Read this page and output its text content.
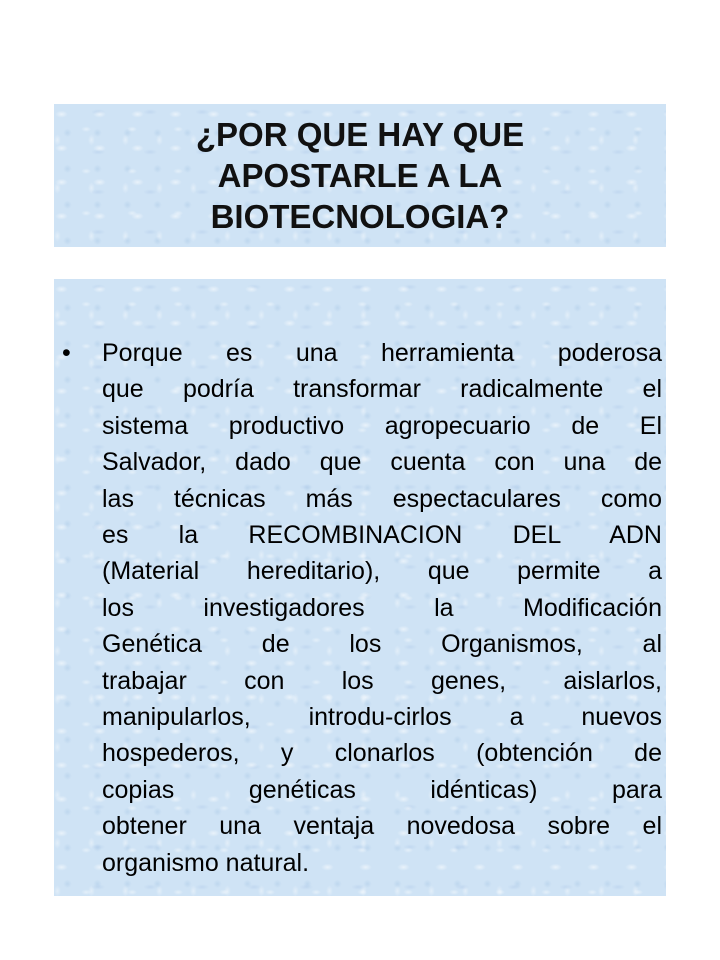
¿POR QUE HAY QUE
APOSTARLE A LA
BIOTECNOLOGIA?
•	Porque es una herramienta poderosa
que podría transformar radicalmente el
sistema productivo agropecuario de El
Salvador, dado que cuenta con una de
las técnicas más espectaculares como
es la RECOMBINACION DEL ADN
(Material hereditario), que permite a
los investigadores la Modificación
Genética de los Organismos, al
trabajar con los genes, aislarlos,
manipularlos, introdu-cirlos a nuevos
hospederos, y clonarlos (obtención de
copias genéticas idénticas) para
obtener una ventaja novedosa sobre el
organismo natural.
